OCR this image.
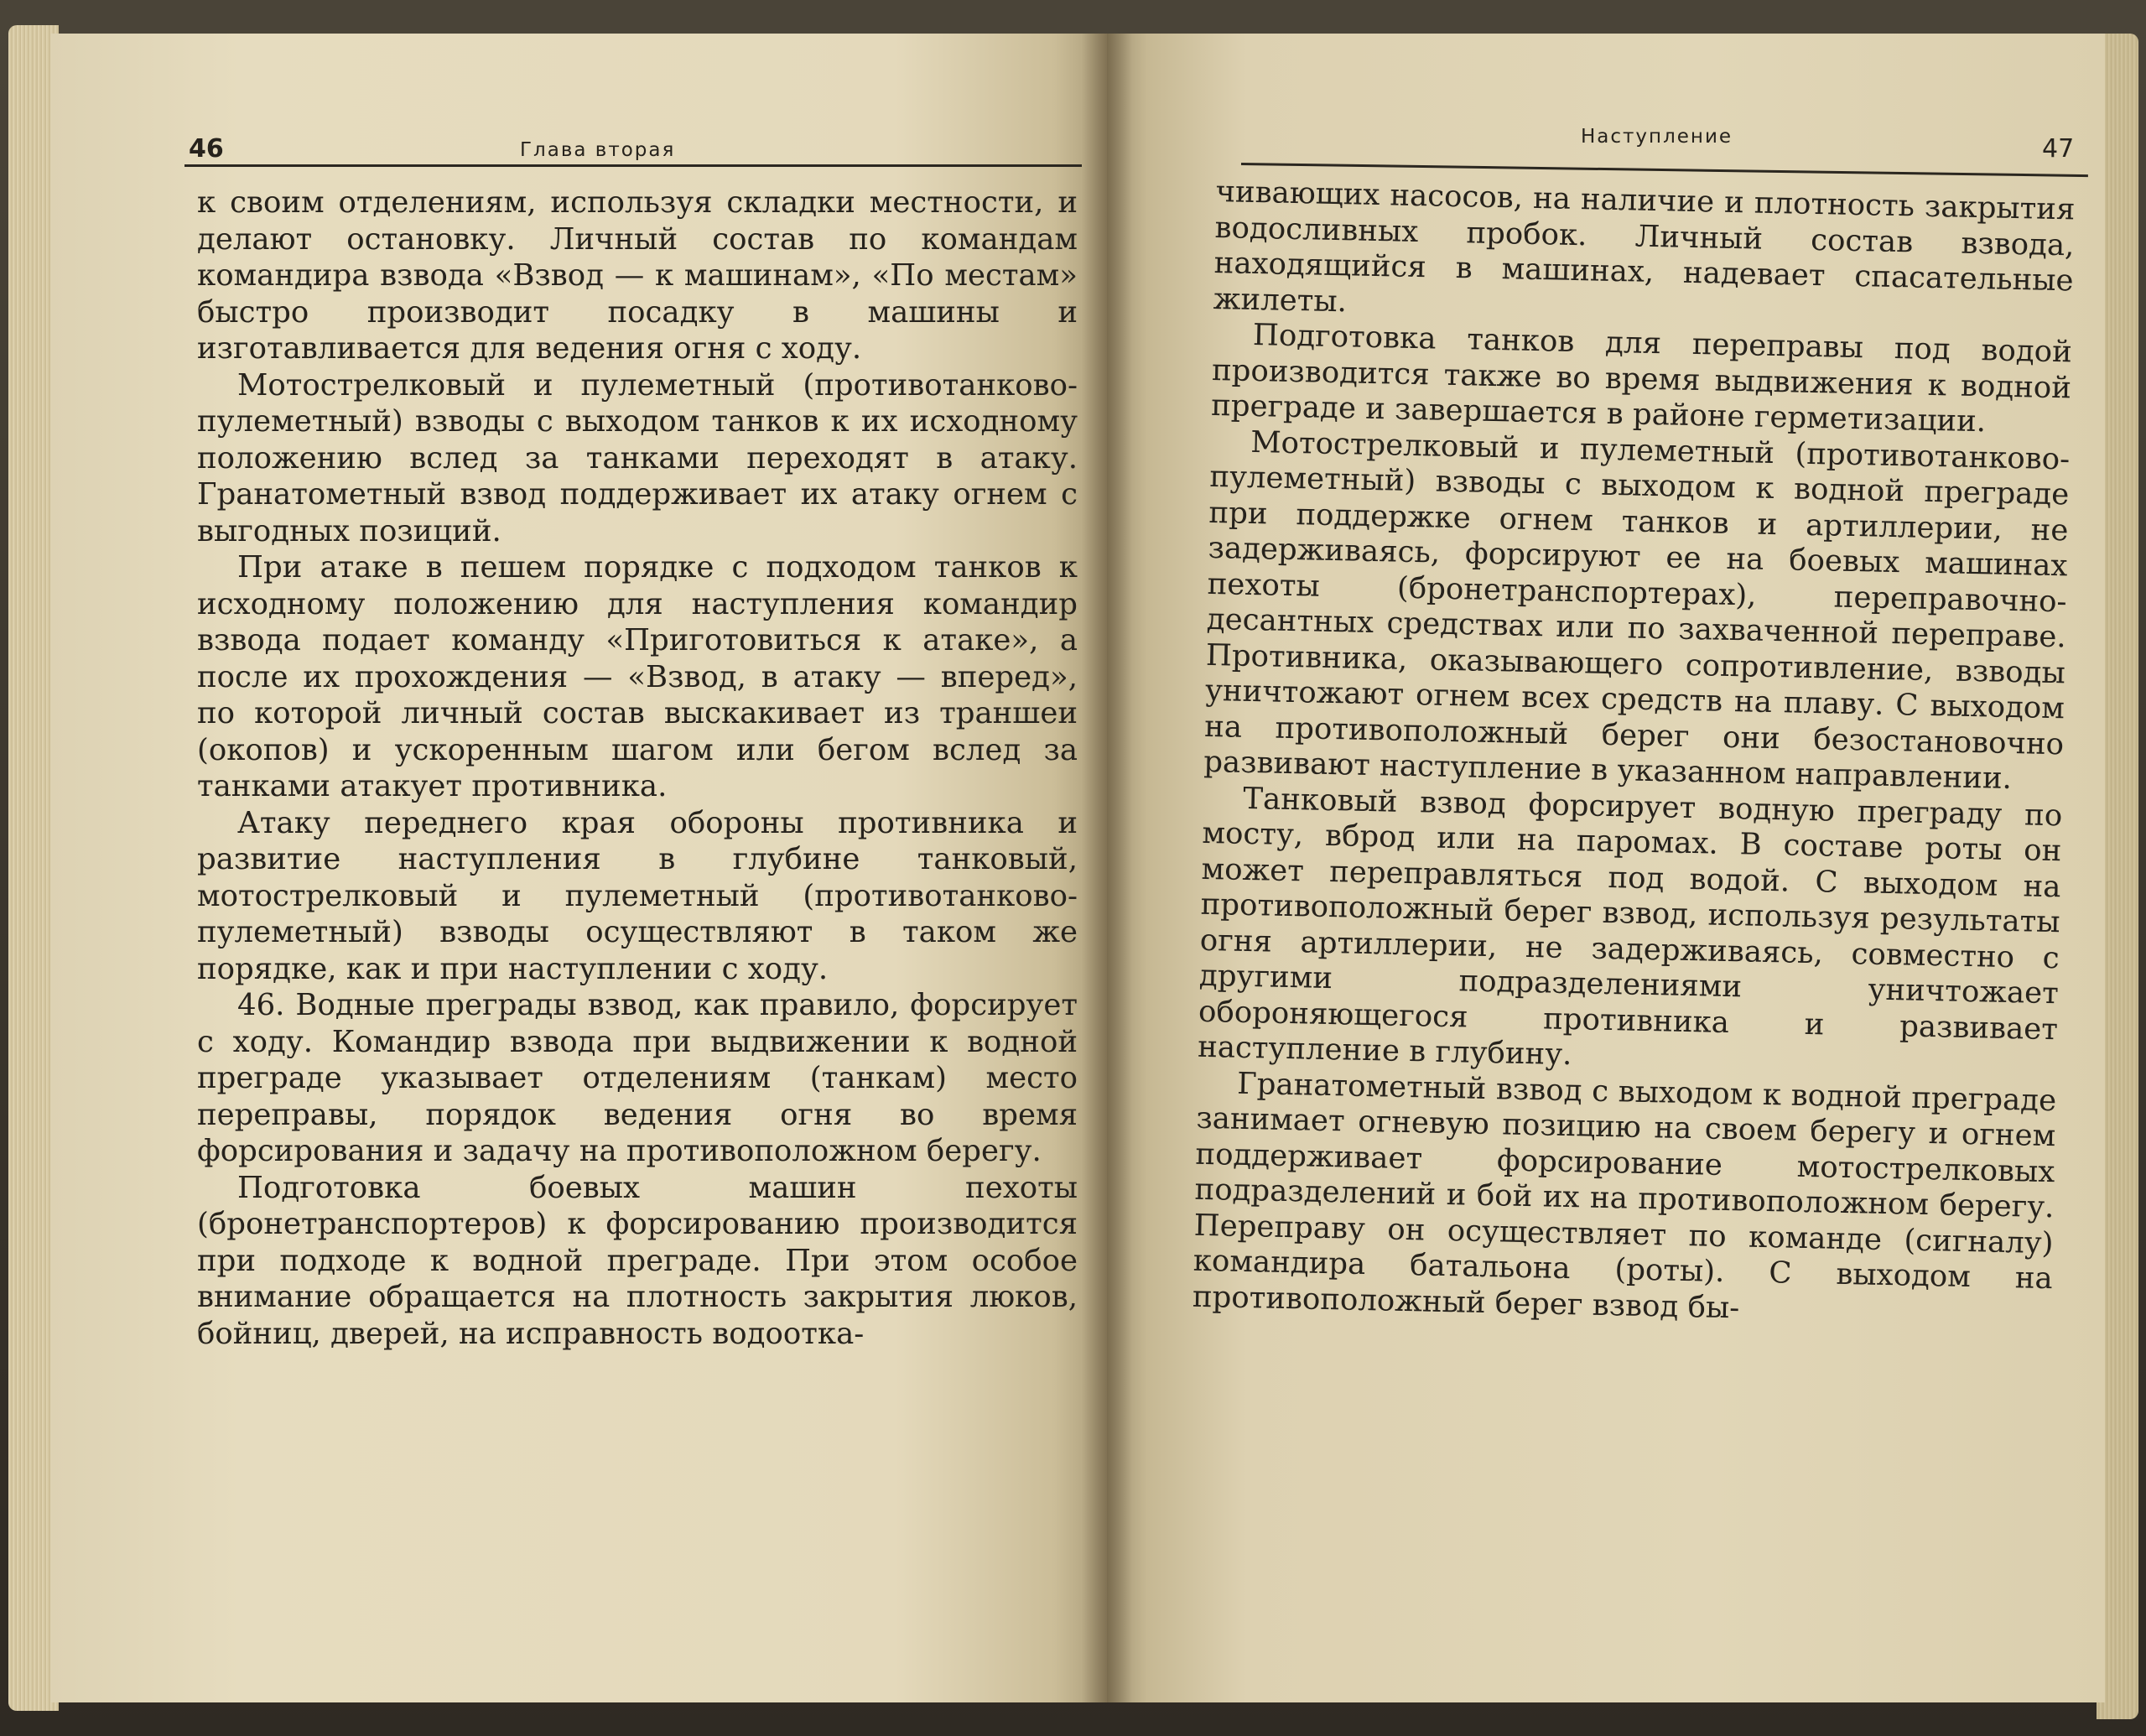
46	Глава вторая

к своим отделениям, используя складки местности, и делают остановку. Личный состав по командам командира взвода «Взвод — к машинам», «По местам» быстро производит посадку в машины и изготавливается для ведения огня с ходу.

Мотострелковый и пулеметный (противотанково-пулеметный) взводы с выходом танков к их исходному положению вслед за танками переходят в атаку. Гранатометный взвод поддерживает их атаку огнем с выгодных позиций.

При атаке в пешем порядке с подходом танков к исходному положению для наступления командир взвода подает команду «Приготовиться к атаке», а после их прохождения — «Взвод, в атаку — вперед», по которой личный состав выскакивает из траншеи (окопов) и ускоренным шагом или бегом вслед за танками атакует противника.

Атаку переднего края обороны противника и развитие наступления в глубине танковый, мотострелковый и пулеметный (противотанково-пулеметный) взводы осуществляют в таком же порядке, как и при наступлении с ходу.

46. Водные преграды взвод, как правило, форсирует с ходу. Командир взвода при выдвижении к водной преграде указывает отделениям (танкам) место переправы, порядок ведения огня во время форсирования и задачу на противоположном берегу.

Подготовка боевых машин пехоты (бронетранспортеров) к форсированию производится при подходе к водной преграде. При этом особое внимание обращается на плотность закрытия люков, бойниц, дверей, на исправность водоотка-

Наступление	47

чивающих насосов, на наличие и плотность закрытия водосливных пробок. Личный состав взвода, находящийся в машинах, надевает спасательные жилеты.

Подготовка танков для переправы под водой производится также во время выдвижения к водной преграде и завершается в районе герметизации.

Мотострелковый и пулеметный (противотанково-пулеметный) взводы с выходом к водной преграде при поддержке огнем танков и артиллерии, не задерживаясь, форсируют ее на боевых машинах пехоты (бронетранспортерах), переправочно-десантных средствах или по захваченной переправе. Противника, оказывающего сопротивление, взводы уничтожают огнем всех средств на плаву. С выходом на противоположный берег они безостановочно развивают наступление в указанном направлении.

Танковый взвод форсирует водную преграду по мосту, вброд или на паромах. В составе роты он может переправляться под водой. С выходом на противоположный берег взвод, используя результаты огня артиллерии, не задерживаясь, совместно с другими подразделениями уничтожает обороняющегося противника и развивает наступление в глубину.

Гранатометный взвод с выходом к водной преграде занимает огневую позицию на своем берегу и огнем поддерживает форсирование мотострелковых подразделений и бой их на противоположном берегу. Переправу он осуществляет по команде (сигналу) командира батальона (роты). С выходом на противоположный берег взвод бы-
